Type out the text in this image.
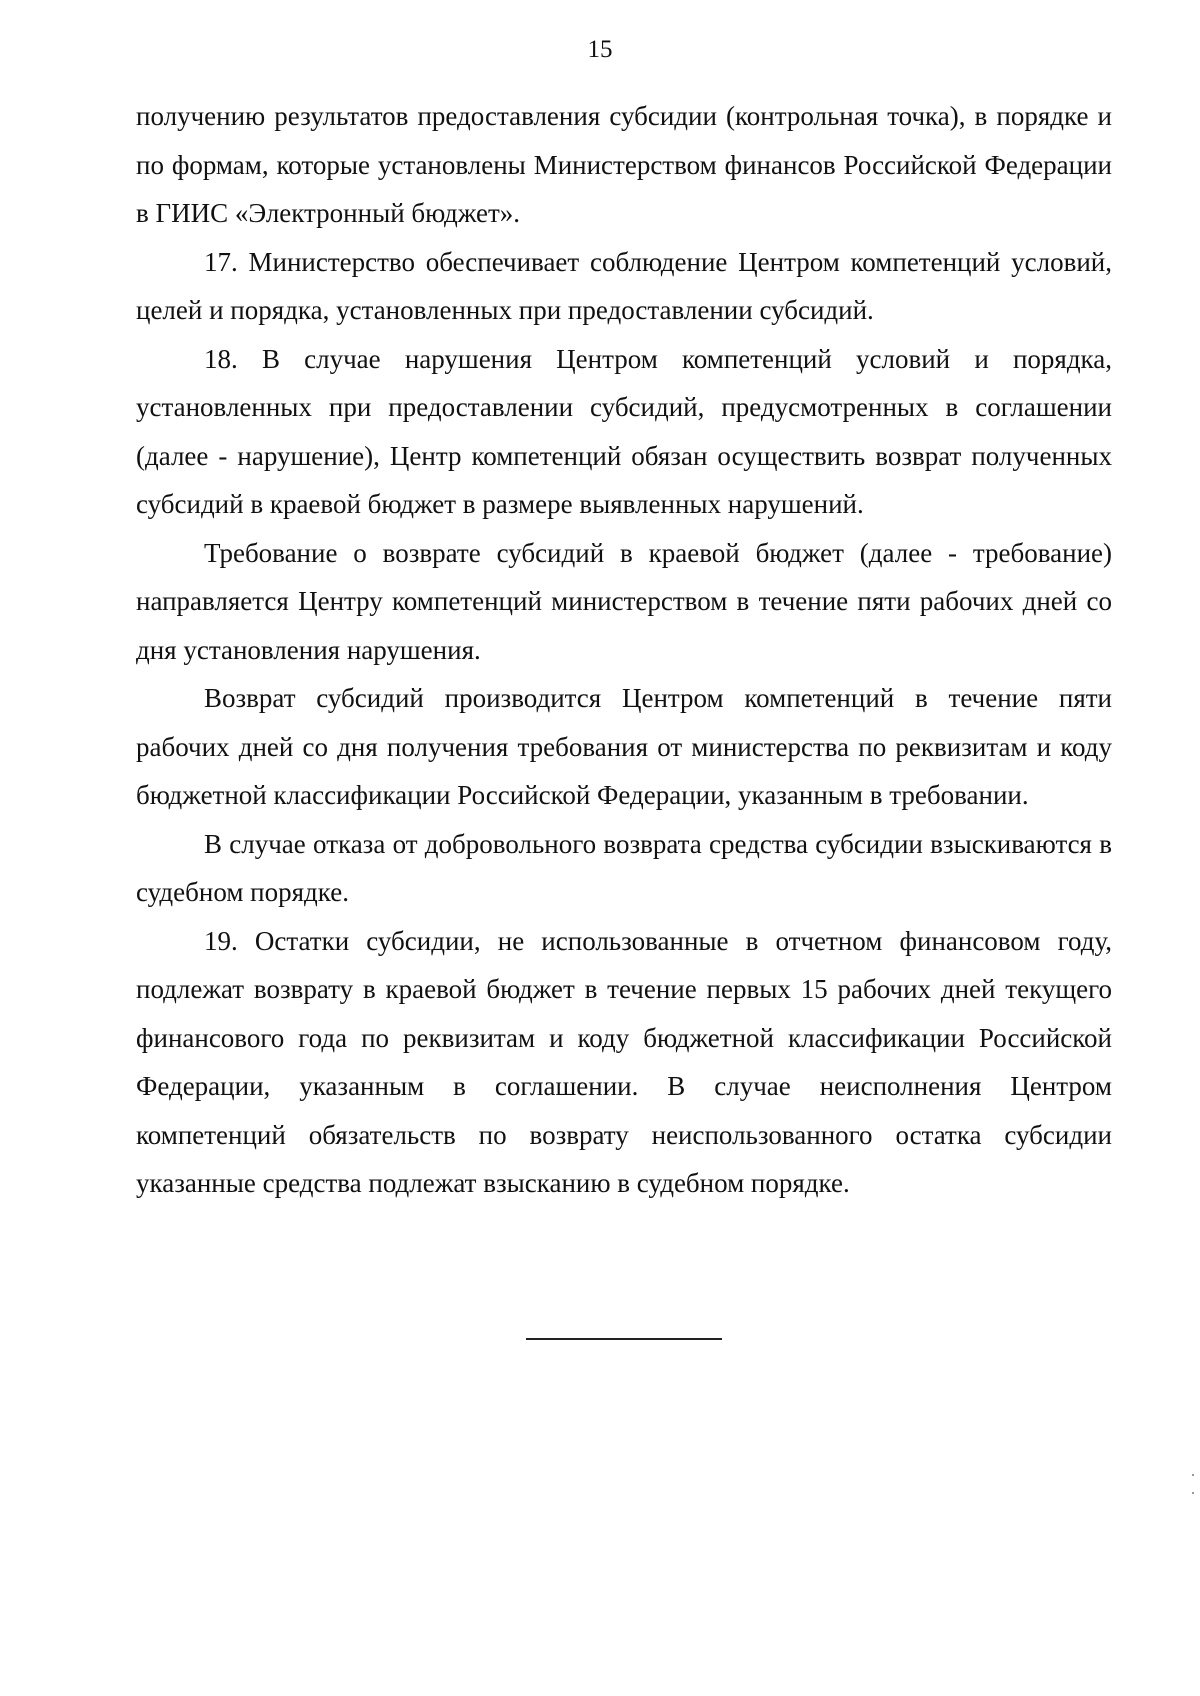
15

получению результатов предоставления субсидии (контрольная точка), в порядке и по формам, которые установлены Министерством финансов Российской Федерации в ГИИС «Электронный бюджет».

17. Министерство обеспечивает соблюдение Центром компетенций условий, целей и порядка, установленных при предоставлении субсидий.

18. В случае нарушения Центром компетенций условий и порядка, установленных при предоставлении субсидий, предусмотренных в соглашении (далее - нарушение), Центр компетенций обязан осуществить возврат полученных субсидий в краевой бюджет в размере выявленных нарушений.

Требование о возврате субсидий в краевой бюджет (далее - требование) направляется Центру компетенций министерством в течение пяти рабочих дней со дня установления нарушения.

Возврат субсидий производится Центром компетенций в течение пяти рабочих дней со дня получения требования от министерства по реквизитам и коду бюджетной классификации Российской Федерации, указанным в требовании.

В случае отказа от добровольного возврата средства субсидии взыскиваются в судебном порядке.

19. Остатки субсидии, не использованные в отчетном финансовом году, подлежат возврату в краевой бюджет в течение первых 15 рабочих дней текущего финансового года по реквизитам и коду бюджетной классификации Российской Федерации, указанным в соглашении. В случае неисполнения Центром компетенций обязательств по возврату неиспользованного остатка субсидии указанные средства подлежат взысканию в судебном порядке.
